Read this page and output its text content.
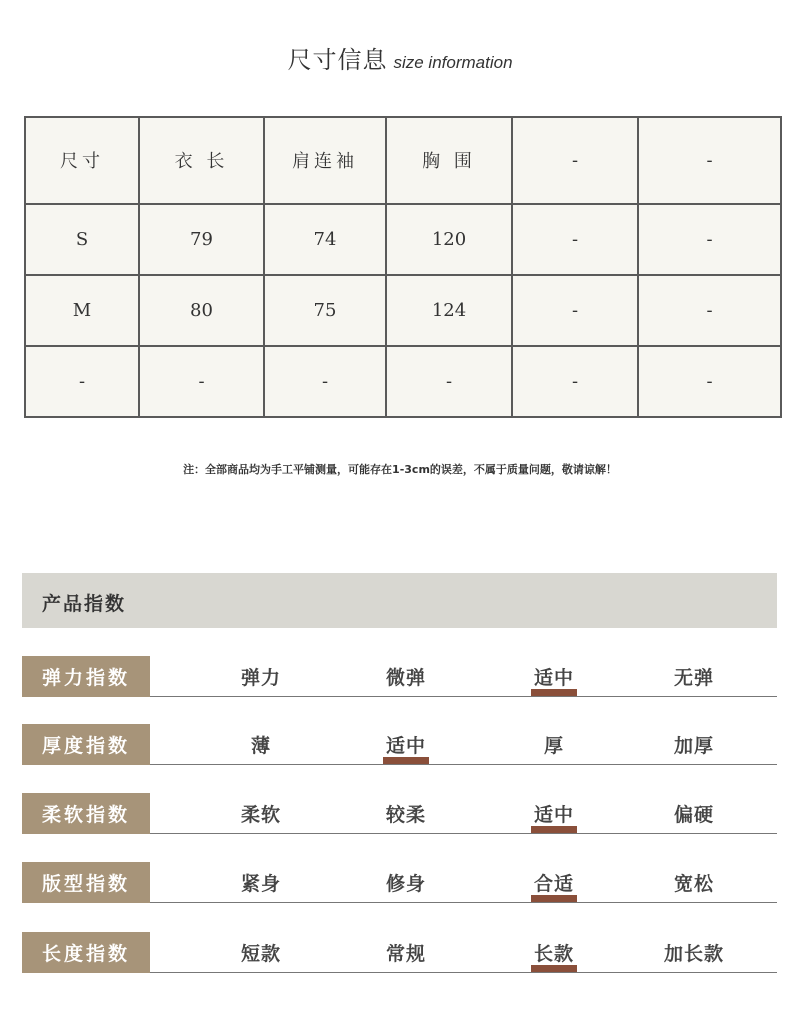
尺寸信息 size information
尺寸	衣 长	肩连袖	胸 围	-	-
S	79	74	120	-	-
M	80	75	124	-	-
-	-	-	-	-	-
注：全部商品均为手工平铺测量，可能存在1-3cm的误差，不属于质量问题，敬请谅解！
产品指数
弹力指数	弹力	微弹	适中	无弹
厚度指数	薄	适中	厚	加厚
柔软指数	柔软	较柔	适中	偏硬
版型指数	紧身	修身	合适	宽松
长度指数	短款	常规	长款	加长款
